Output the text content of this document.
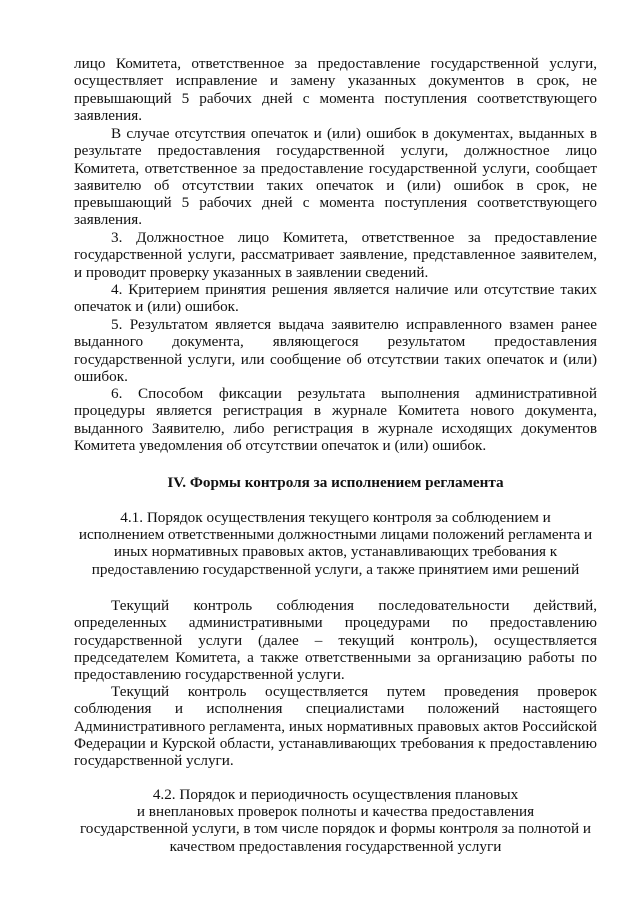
лицо Комитета, ответственное за предоставление государственной услуги, осуществляет исправление и замену указанных документов в срок, не превышающий 5 рабочих дней с момента поступления соответствующего заявления.

В случае отсутствия опечаток и (или) ошибок в документах, выданных в результате предоставления государственной услуги, должностное лицо Комитета, ответственное за предоставление государственной услуги, сообщает заявителю об отсутствии таких опечаток и (или) ошибок в срок, не превышающий 5 рабочих дней с момента поступления соответствующего заявления.

3. Должностное лицо Комитета, ответственное за предоставление государственной услуги, рассматривает заявление, представленное заявителем, и проводит проверку указанных в заявлении сведений.

4. Критерием принятия решения является наличие или отсутствие таких опечаток и (или) ошибок.

5. Результатом является выдача заявителю исправленного взамен ранее выданного документа, являющегося результатом предоставления государственной услуги, или сообщение об отсутствии таких опечаток и (или) ошибок.

6. Способом фиксации результата выполнения административной процедуры является регистрация в журнале Комитета нового документа, выданного Заявителю, либо регистрация в журнале исходящих документов Комитета уведомления об отсутствии опечаток и (или) ошибок.

IV. Формы контроля за исполнением регламента
4.1. Порядок осуществления текущего контроля за соблюдением и
исполнением ответственными должностными лицами положений регламента и
иных нормативных правовых актов, устанавливающих требования к
предоставлению государственной услуги, а также принятием ими решений

Текущий контроль соблюдения последовательности действий, определенных административными процедурами по предоставлению государственной услуги (далее – текущий контроль), осуществляется председателем Комитета, а также ответственными за организацию работы по предоставлению государственной услуги.

Текущий контроль осуществляется путем проведения проверок соблюдения и исполнения специалистами положений настоящего Административного регламента, иных нормативных правовых актов Российской Федерации и Курской области, устанавливающих требования к предоставлению государственной услуги.

4.2. Порядок и периодичность осуществления плановых
и внеплановых проверок полноты и качества предоставления
государственной услуги, в том числе порядок и формы контроля за полнотой и
качеством предоставления государственной услуги
